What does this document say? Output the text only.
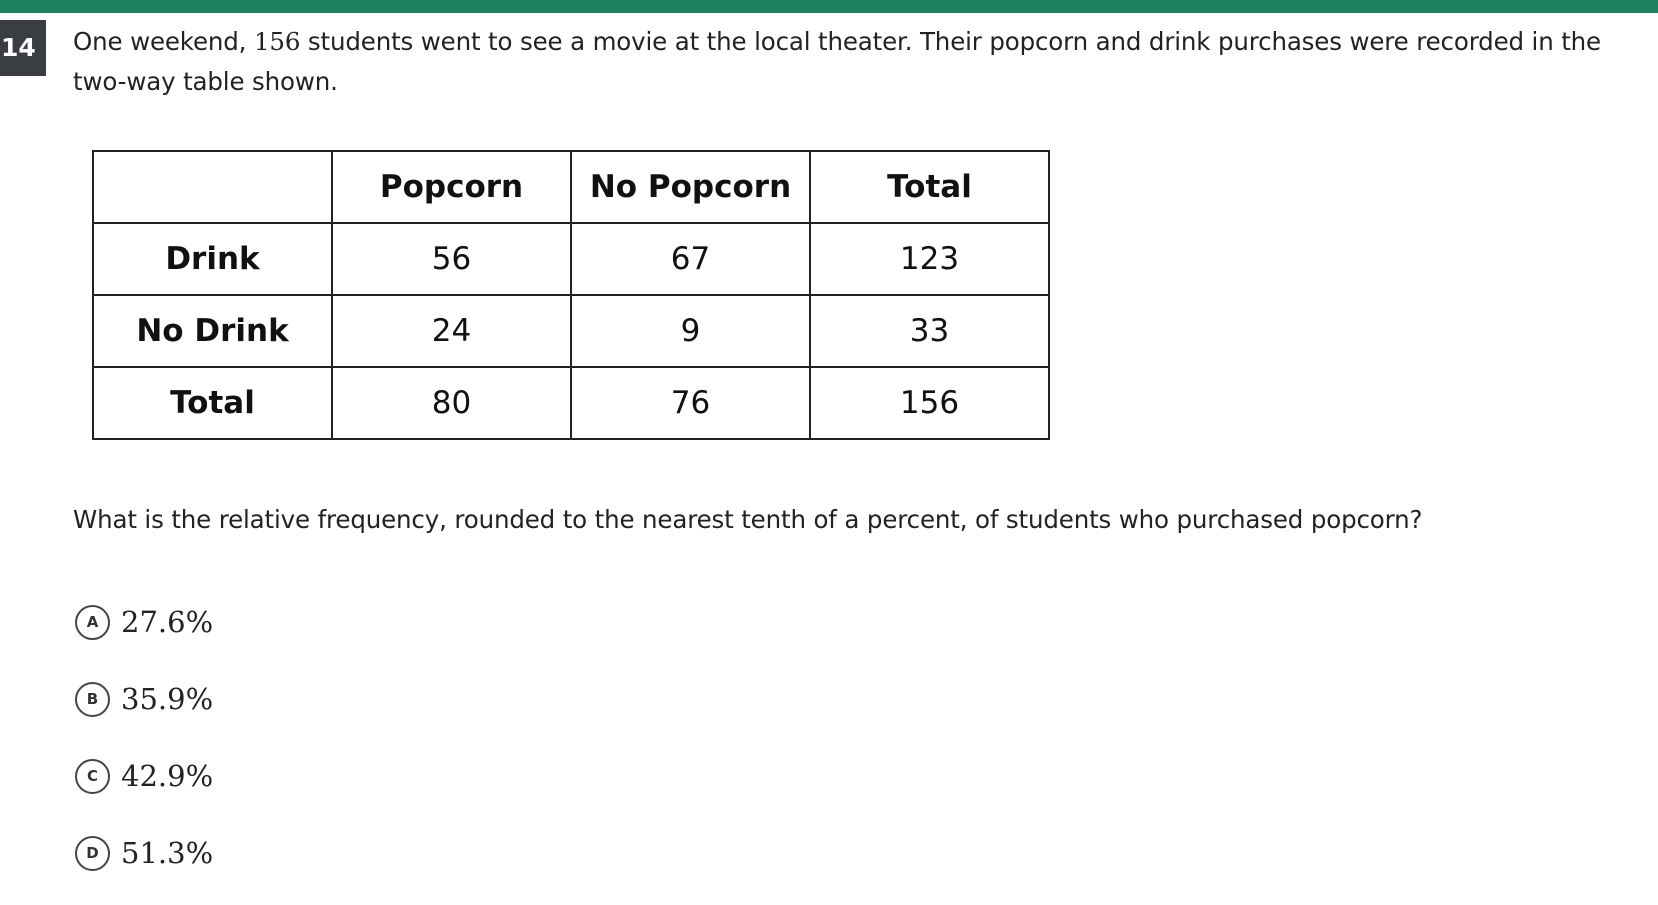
14	One weekend, 156 students went to see a movie at the local theater. Their popcorn and drink purchases were recorded in the two-way table shown.
	Popcorn	No Popcorn	Total
Drink	56	67	123
No Drink	24	9	33
Total	80	76	156
What is the relative frequency, rounded to the nearest tenth of a percent, of students who purchased popcorn?
A 27.6%
B 35.9%
C 42.9%
D 51.3%
